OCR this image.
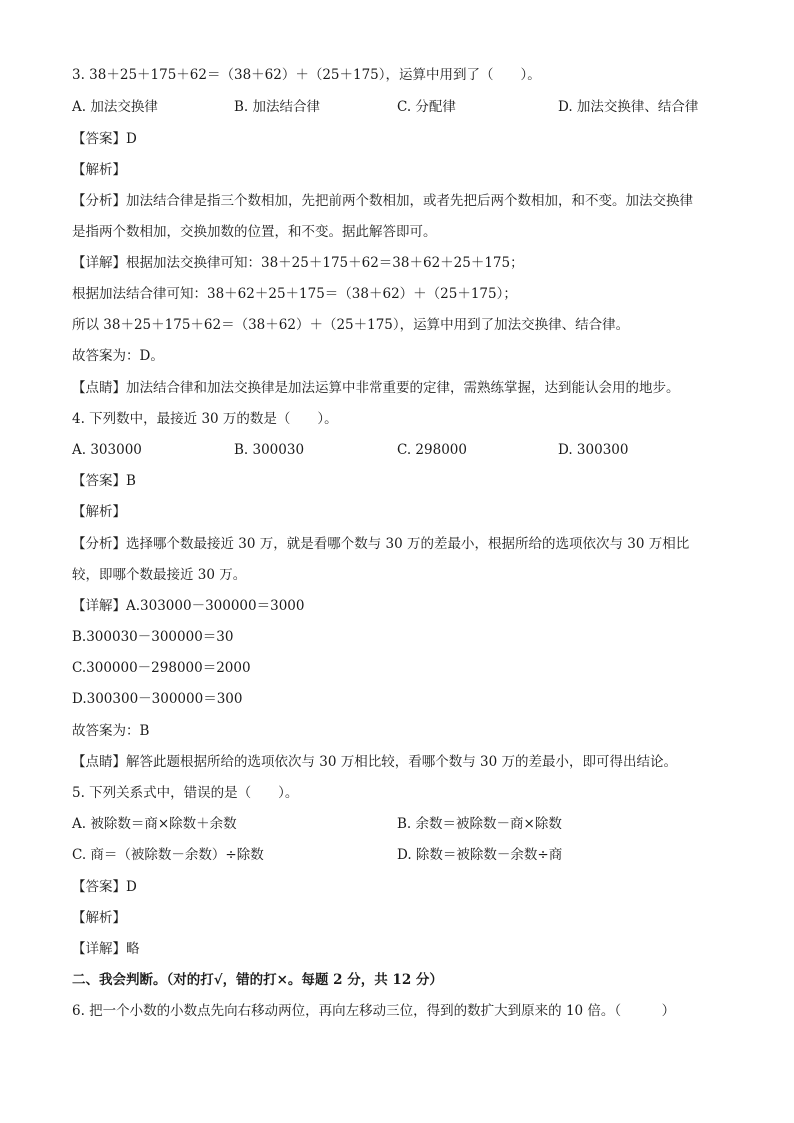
3. 38＋25＋175＋62＝（38＋62）＋（25＋175），运算中用到了（　　）。
A. 加法交换律	B. 加法结合律	C. 分配律	D. 加法交换律、结合律
【答案】D
【解析】
【分析】加法结合律是指三个数相加，先把前两个数相加，或者先把后两个数相加，和不变。加法交换律
是指两个数相加，交换加数的位置，和不变。据此解答即可。
【详解】根据加法交换律可知：38＋25＋175＋62＝38＋62＋25＋175；
根据加法结合律可知：38＋62＋25＋175＝（38＋62）＋（25＋175）；
所以 38＋25＋175＋62＝（38＋62）＋（25＋175），运算中用到了加法交换律、结合律。
故答案为：D。
【点睛】加法结合律和加法交换律是加法运算中非常重要的定律，需熟练掌握，达到能认会用的地步。
4. 下列数中，最接近 30 万的数是（　　）。
A. 303000	B. 300030	C. 298000	D. 300300
【答案】B
【解析】
【分析】选择哪个数最接近 30 万，就是看哪个数与 30 万的差最小，根据所给的选项依次与 30 万相比
较，即哪个数最接近 30 万。
【详解】A.303000－300000＝3000
B.300030－300000＝30
C.300000－298000＝2000
D.300300－300000＝300
故答案为：B
【点睛】解答此题根据所给的选项依次与 30 万相比较，看哪个数与 30 万的差最小，即可得出结论。
5. 下列关系式中，错误的是（　　）。
A. 被除数＝商×除数＋余数	B. 余数＝被除数－商×除数
C. 商＝（被除数－余数）÷除数	D. 除数＝被除数－余数÷商
【答案】D
【解析】
【详解】略
二、我会判断。（对的打√，错的打×。每题 2 分，共 12 分）
6. 把一个小数的小数点先向右移动两位，再向左移动三位，得到的数扩大到原来的 10 倍。（　　　）
